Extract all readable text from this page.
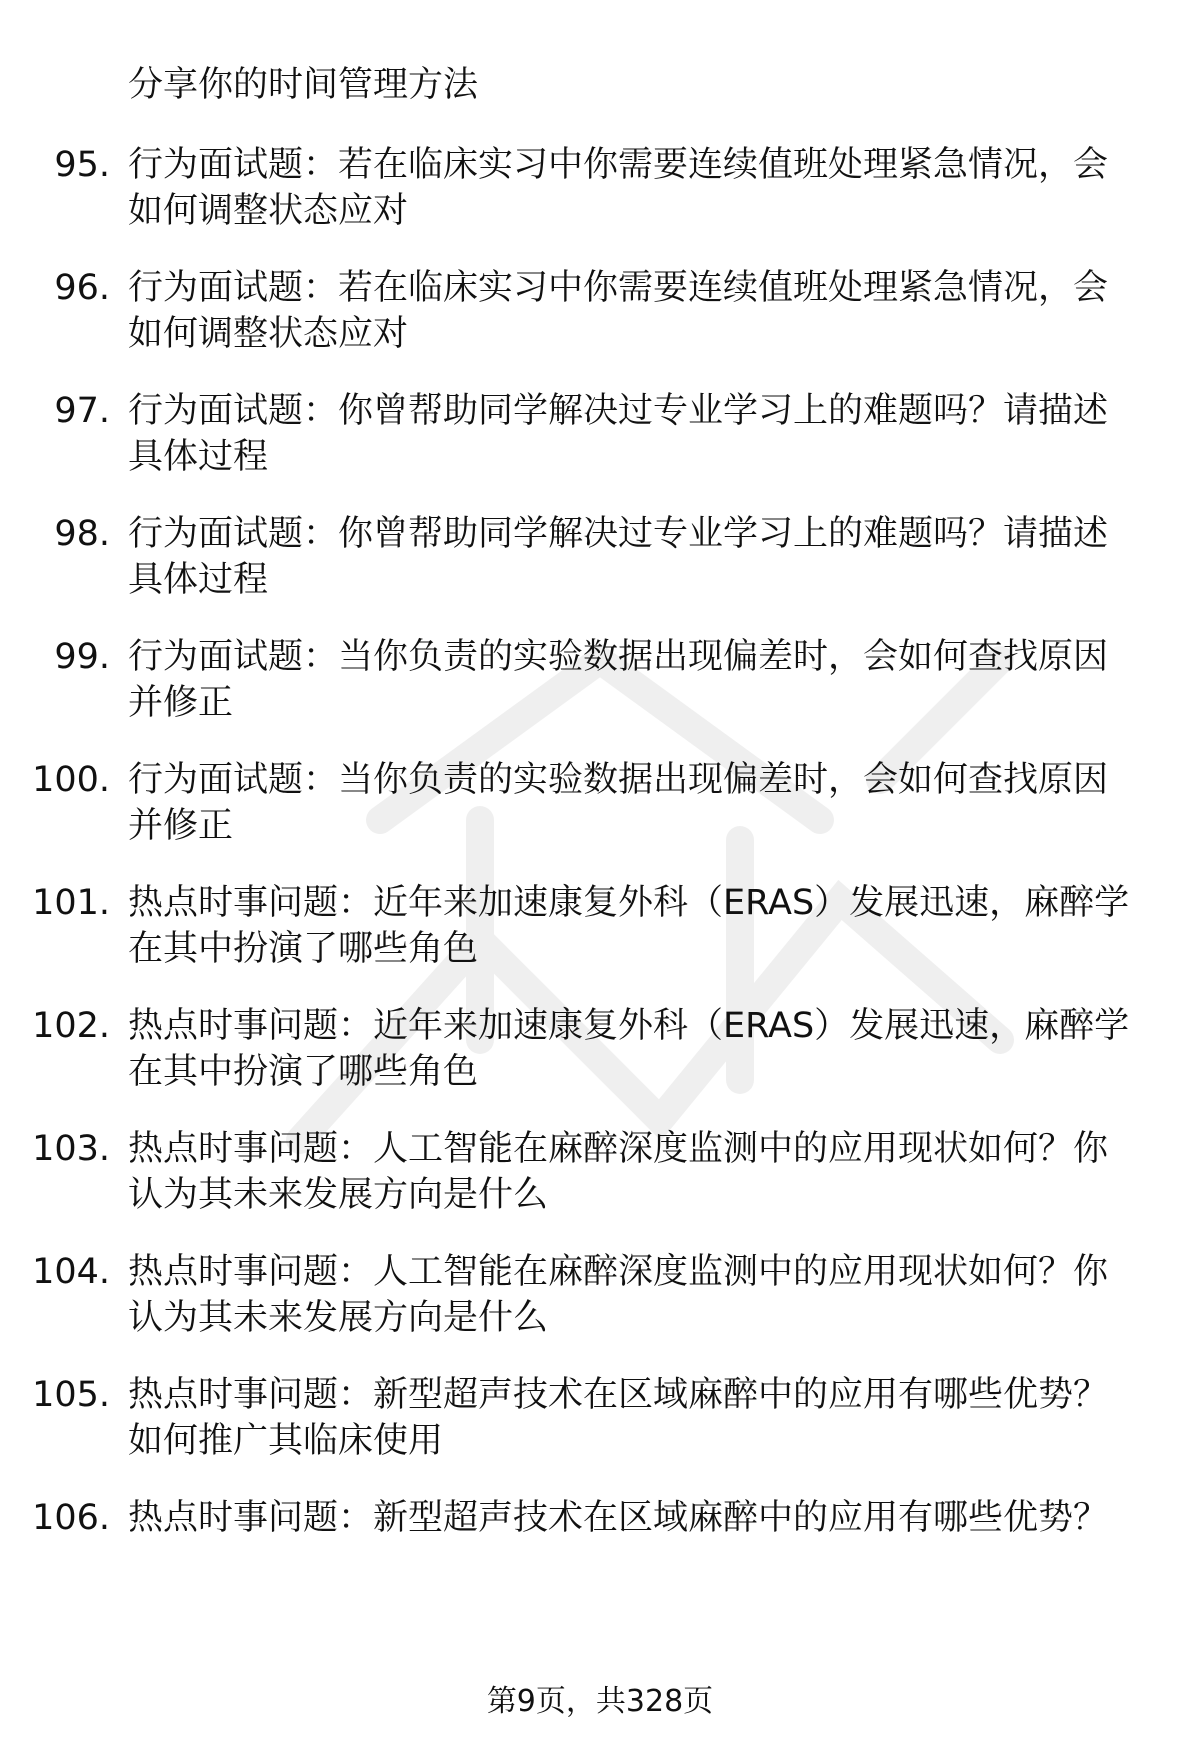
分享你的时间管理方法
95. 行为面试题：若在临床实习中你需要连续值班处理紧急情况，会
如何调整状态应对
96. 行为面试题：若在临床实习中你需要连续值班处理紧急情况，会
如何调整状态应对
97. 行为面试题：你曾帮助同学解决过专业学习上的难题吗？请描述
具体过程
98. 行为面试题：你曾帮助同学解决过专业学习上的难题吗？请描述
具体过程
99. 行为面试题：当你负责的实验数据出现偏差时，会如何查找原因
并修正
100. 行为面试题：当你负责的实验数据出现偏差时，会如何查找原因
并修正
101. 热点时事问题：近年来加速康复外科（ERAS）发展迅速，麻醉学
在其中扮演了哪些角色
102. 热点时事问题：近年来加速康复外科（ERAS）发展迅速，麻醉学
在其中扮演了哪些角色
103. 热点时事问题：人工智能在麻醉深度监测中的应用现状如何？你
认为其未来发展方向是什么
104. 热点时事问题：人工智能在麻醉深度监测中的应用现状如何？你
认为其未来发展方向是什么
105. 热点时事问题：新型超声技术在区域麻醉中的应用有哪些优势？
如何推广其临床使用
106. 热点时事问题：新型超声技术在区域麻醉中的应用有哪些优势？
第9页，共328页
